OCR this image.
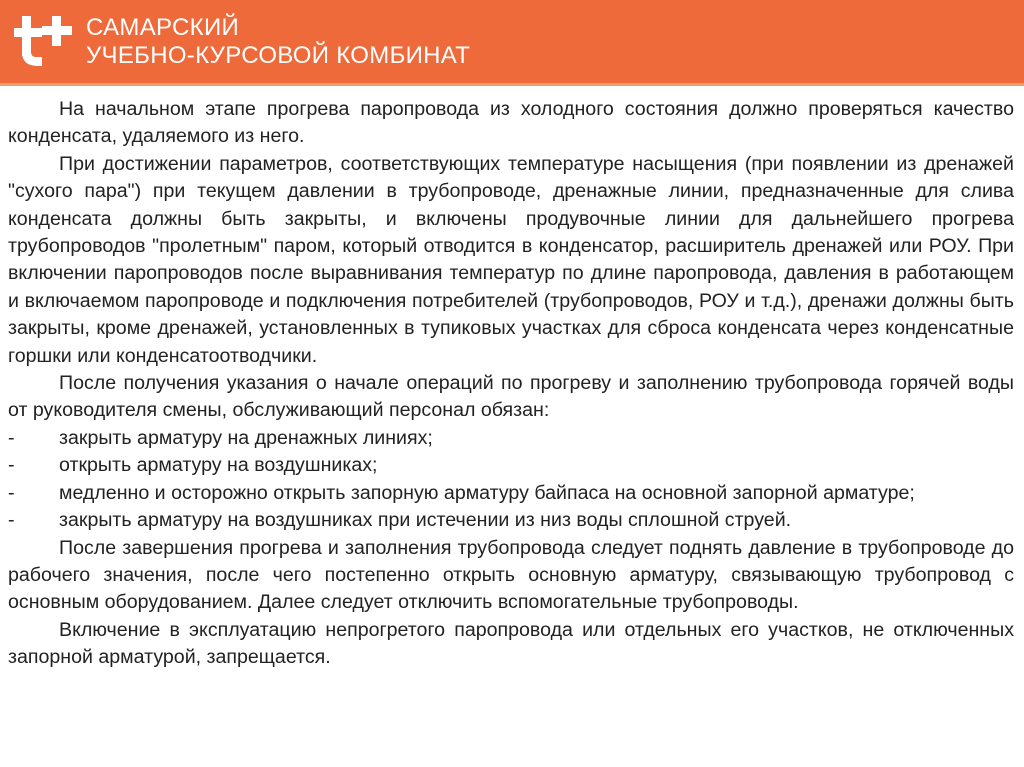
САМАРСКИЙ
УЧЕБНО-КУРСОВОЙ КОМБИНАТ

На начальном этапе прогрева паропровода из холодного состояния должно проверяться качество конденсата, удаляемого из него.

При достижении параметров, соответствующих температуре насыщения (при появлении из дренажей "сухого пара") при текущем давлении в трубопроводе, дренажные линии, предназначенные для слива конденсата должны быть закрыты, и включены продувочные линии для дальнейшего прогрева трубопроводов "пролетным" паром, который отводится в конденсатор, расширитель дренажей или РОУ. При включении паропроводов после выравнивания температур по длине паропровода, давления в работающем и включаемом паропроводе и подключения потребителей (трубопроводов, РОУ и т.д.), дренажи должны быть закрыты, кроме дренажей, установленных в тупиковых участках для сброса конденсата через конденсатные горшки или конденсатоотводчики.

После получения указания о начале операций по прогреву и заполнению трубопровода горячей воды от руководителя смены, обслуживающий персонал обязан:

- закрыть арматуру на дренажных линиях;

- открыть арматуру на воздушниках;

- медленно и осторожно открыть запорную арматуру байпаса на основной запорной арматуре;

- закрыть арматуру на воздушниках при истечении из низ воды сплошной струей.

После завершения прогрева и заполнения трубопровода следует поднять давление в трубопроводе до рабочего значения, после чего постепенно открыть основную арматуру, связывающую трубопровод с основным оборудованием. Далее следует отключить вспомогательные трубопроводы.

Включение в эксплуатацию непрогретого паропровода или отдельных его участков, не отключенных запорной арматурой, запрещается.
